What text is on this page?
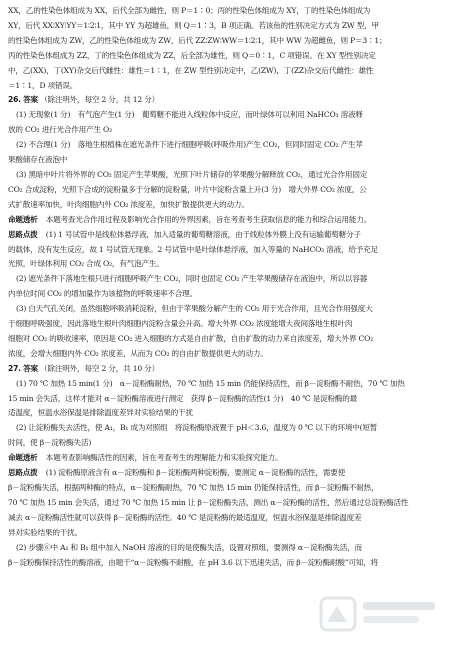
XX，乙的性染色体组成为 XX，后代全部为雌性，则 P＝1∶0；丙的性染色体组成为 XY，丁的性染色体组成为

XY，后代 XX∶XY∶YY＝1∶2∶1，其中 YY 为超雄鱼，则 Q＝1∶3，B 项正确。若该鱼的性别决定方式为 ZW 型，甲

的性染色体组成为 ZW，乙的性染色体组成为 ZW，后代 ZZ∶ZW∶WW＝1∶2∶1，其中 WW 为超雌鱼，则 P＝3∶1；

丙的性染色体组成为 ZZ，丁的性染色体组成为 ZZ，后全部为雄性，则 Q＝0∶1，C 项错误。在 XY 型性别决定

中，乙(XX)，丁(XY)杂交后代雌性：雄性＝1∶1，在 ZW 型性别决定中，乙(ZW)，丁(ZZ)杂交后代雌性：雄性

＝1∶1，D 项错误。

26. 答案 （除注明外，每空 2 分，共 12 分）

(1) 无现象(1 分)　有气泡产生(1 分)　葡萄糖不能进入线粒体中反应，而叶绿体可以利用 NaHCO₃ 溶液释

放的 CO₂ 进行光合作用产生 O₂

(2) 不合理(1 分)　落地生根植株在遮光条件下进行细胞呼吸(呼吸作用)产生 CO₂，但同时固定 CO₂ 产生苹

果酸储存在液泡中

(3) 黑暗中叶片将外界的 CO₂ 固定产生苹果酸，光照下叶片储存的苹果酸分解释放 CO₂，通过光合作用固定

CO₂ 合成淀粉，光照下合成的淀粉量多于分解的淀粉量，叶片中淀粉含量上升(3 分)　增大外界 CO₂ 浓度，公

式扩散速率加快，叶肉细胞内外 CO₂ 浓度差，加快扩散提供更大的动力。

命题透析 本题考查光合作用过程及影响光合作用的外界因素，旨在考查考生获取信息的能力和综合运用能力。

思路点拨 (1) 1 号试管中是线粒体悬浮液，加入适量的葡萄糖溶液，由于线粒体外膜上没有运输葡萄糖分子

的载体，没有发生反应，故 1 号试管无现象。2 号试管中是叶绿体悬浮液，加入等量的 NaHCO₃ 溶液，给予充足

光照，叶绿体利用 CO₂ 合成 O₂，有气泡产生。

(2) 遮光条件下落地生根只进行细胞呼吸产生 CO₂，同时也固定 CO₂ 产生苹果酸储存在液泡中，所以以容器

内单位时间 CO₂ 的增加量作为该植物的呼吸速率不合理。

(3) 白天气孔关闭，虽然细胞呼吸消耗淀粉，但由于苹果酸分解产生的 CO₂ 用于光合作用，且光合作用强度大

于细胞呼吸强度，因此落地生根叶肉细胞内淀粉含量会升高。增大外界 CO₂ 浓度能增大夜间落地生根叶肉

细胞对 CO₂ 的吸收速率，原因是 CO₂ 进入细胞的方式是自由扩散，自由扩散的动力来自浓度差，增大外界 CO₂

浓度，会增大细胞内外 CO₂ 浓度差，从而为 CO₂ 的自由扩散提供更大的动力。

27. 答案 （除注明外，每空 2 分，共 10 分）

(1) 70 ℃ 加热 15 min(1 分)　α－淀粉酶耐热，70 ℃ 加热 15 min 仍能保持活性，而 β－淀粉酶不耐热，70 ℃ 加热

15 min 会失活，这样才能对 α－淀粉酶溶液进行测定　获得 β－淀粉酶的活性(1 分)　40 ℃ 是淀粉酶的最

适温度，恒温水浴保温是排除温度差异对实验结果的干扰

(2) 让淀粉酶失去活性，使 A₁，B₁ 成为对照组　将淀粉酶原液置于 pH＜3.6，温度为 0 ℃ 以下的环境中(短暂

时间，使 β－淀粉酶失活)

命题透析 本题考查影响酶活性的因素，旨在考查考生的理解能力和实验探究能力。

思路点拨 (1) 淀粉酶原液含有 α－淀粉酶和 β－淀粉酶两种淀粉酶，要测定 α－淀粉酶的活性，需要使

β－淀粉酶失活，根据两种酶的特点，α－淀粉酶耐热，70 ℃ 加热 15 min 仍能保持活性，而 β－淀粉酶不耐热，

70 ℃ 加热 15 min 会失活，通过 70 ℃ 加热 15 min 让 β－淀粉酶失活，测出 α－淀粉酶的活性，然后通过总淀粉酶活性

减去 α－淀粉酶活性就可以获得 β－淀粉酶的活性。40 ℃ 是淀粉酶的最适温度，恒温水浴保温是排除温度差

异对实验结果的干扰。

(2) 步骤⑥中 A₁ 和 B₁ 组中加入 NaOH 溶液的目的是使酶失活，设置对照组，要测得 α－淀粉酶失活，而

β－淀粉酶保持活性的酶溶液，由题干“α－淀粉酶不耐酸，在 pH 3.6 以下迅速失活，而 β－淀粉酶耐酸”可知，将
